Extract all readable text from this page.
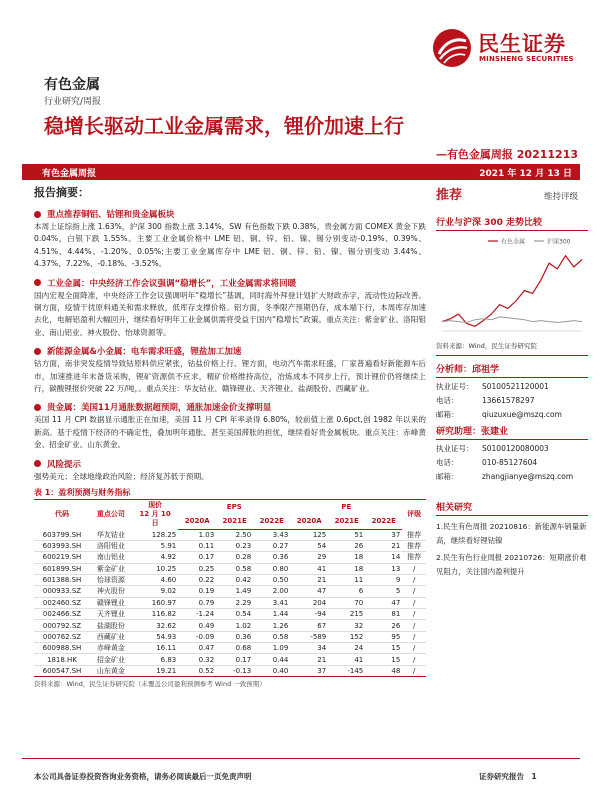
民生证券
MINSHENG SECURITIES
有色金属
行业研究/周报
稳增长驱动工业金属需求，锂价加速上行
—有色金属周报 20211213
有色金属周报	2021 年 12 月 13 日
报告摘要：
重点推荐铜铝、钴锂和贵金属板块
本周上证综指上涨 1.63%，沪深 300 指数上涨 3.14%，SW 有色指数下跌 0.38%，贵金属方面 COMEX 黄金下跌 0.04%，白银下跌 1.55%。主要工业金属价格中 LME 铝、铜、锌、铅、镍、锡分别变动-0.19%、0.39%、4.51%、4.44%、-1.20%、0.05%;主要工业金属库存中 LME 铝、铜、锌、铅、镍、锡分别变动 3.44%、4.37%、7.22%、-0.18%、-3.52%。
工业金属：中央经济工作会议强调“稳增长”，工业金属需求将回暖
国内宏观全面降准，中央经济工作会议强调明年“稳增长”基调，同时海外拜登计划扩大财政赤字，流动性边际改善。铜方面，疫情干扰原料通关和需求释放，低库存支撑价格。铝方面，冬季限产预期仍存，成本端下行，本周库存加速去化，电解铝盈利大幅回升，继续看好明年工业金属供需将受益于国内“稳增长”政策。重点关注：紫金矿业、洛阳钼业、南山铝业、神火股份、怡球资源等。
新能源金属&小金属：电车需求旺盛，锂盐加工加速
钴方面，南非突发疫情导致钴原料供应紧张，钴盐价格上行。锂方面，电动汽车需求旺盛，厂家普遍看好新能源车后市，加速推进年末备货采购，锂矿资源供不应求，精矿价格维持高位，冶炼成本不同步上行，预计锂价仍将继续上行，碳酸锂报价突破 22 万/吨，。重点关注：华友钴业、赣锋锂业、天齐锂业、盐湖股份、西藏矿业。
贵金属：美国11月通胀数据超预期，通胀加速金价支撑明显
美国 11 月 CPI 数据显示通胀正在加速，美国 11 月 CPI 年率录得 6.80%，较前值上涨 0.6pct,创 1982 年以来的新高。基于疫情下经济的不确定性，叠加明年通胀、甚至美国滞胀的担忧，继续看好贵金属板块。重点关注：赤峰黄金、招金矿业、山东黄金。
风险提示
强势美元；全球地缘政治风险；经济复苏低于预期。
表 1：盈利预测与财务指标
代码	重点公司	现价
12 月 10
日	EPS			PE			评级
			2020A	2021E	2022E	2020A	2021E	2022E	
603799.SH	华友钴业	128.25	1.03	2.50	3.43	125	51	37	推荐
603993.SH	洛阳钼业	5.91	0.11	0.23	0.27	54	26	21	推荐
600219.SH	南山铝业	4.92	0.17	0.28	0.36	29	18	14	推荐
601899.SH	紫金矿业	10.25	0.25	0.58	0.80	41	18	13	/
601388.SH	怡球资源	4.60	0.22	0.42	0.50	21	11	9	/
000933.SZ	神火股份	9.02	0.19	1.49	2.00	47	6	5	/
002460.SZ	赣锋锂业	160.97	0.79	2.29	3.41	204	70	47	/
002466.SZ	天齐锂业	116.82	-1.24	0.54	1.44	-94	215	81	/
000792.SZ	盐湖股份	32.62	0.49	1.02	1.26	67	32	26	/
000762.SZ	西藏矿业	54.93	-0.09	0.36	0.58	-589	152	95	/
600988.SH	赤峰黄金	16.11	0.47	0.68	1.09	34	24	15	/
1818.HK	招金矿业	6.83	0.32	0.17	0.44	21	41	15	/
600547.SH	山东黄金	19.21	0.52	-0.13	0.40	37	-145	48	/
资料来源：Wind，民生证券研究院（未覆盖公司盈利预测参考 Wind 一致预期）
推荐	维持评级
行业与沪深 300 走势比较
有色金属	沪深300
资料来源：Wind，民生证券研究院
分析师：邱祖学
执业证号：	S0100521120001
电话：	13661578297
邮箱：	qiuzuxue@mszq.com
研究助理：张建业
执业证号：	S0100120080003
电话：	010-85127604
邮箱：	zhangjianye@mszq.com
相关研究
1.民生有色周报 20210816：新能源车销量新高，继续看好锂钴镍
2.民生有色行业周报 20210726：短期涨价难见阻力，关注国内盈利提升
本公司具备证券投资咨询业务资格，请务必阅读最后一页免责声明	证券研究报告　1
